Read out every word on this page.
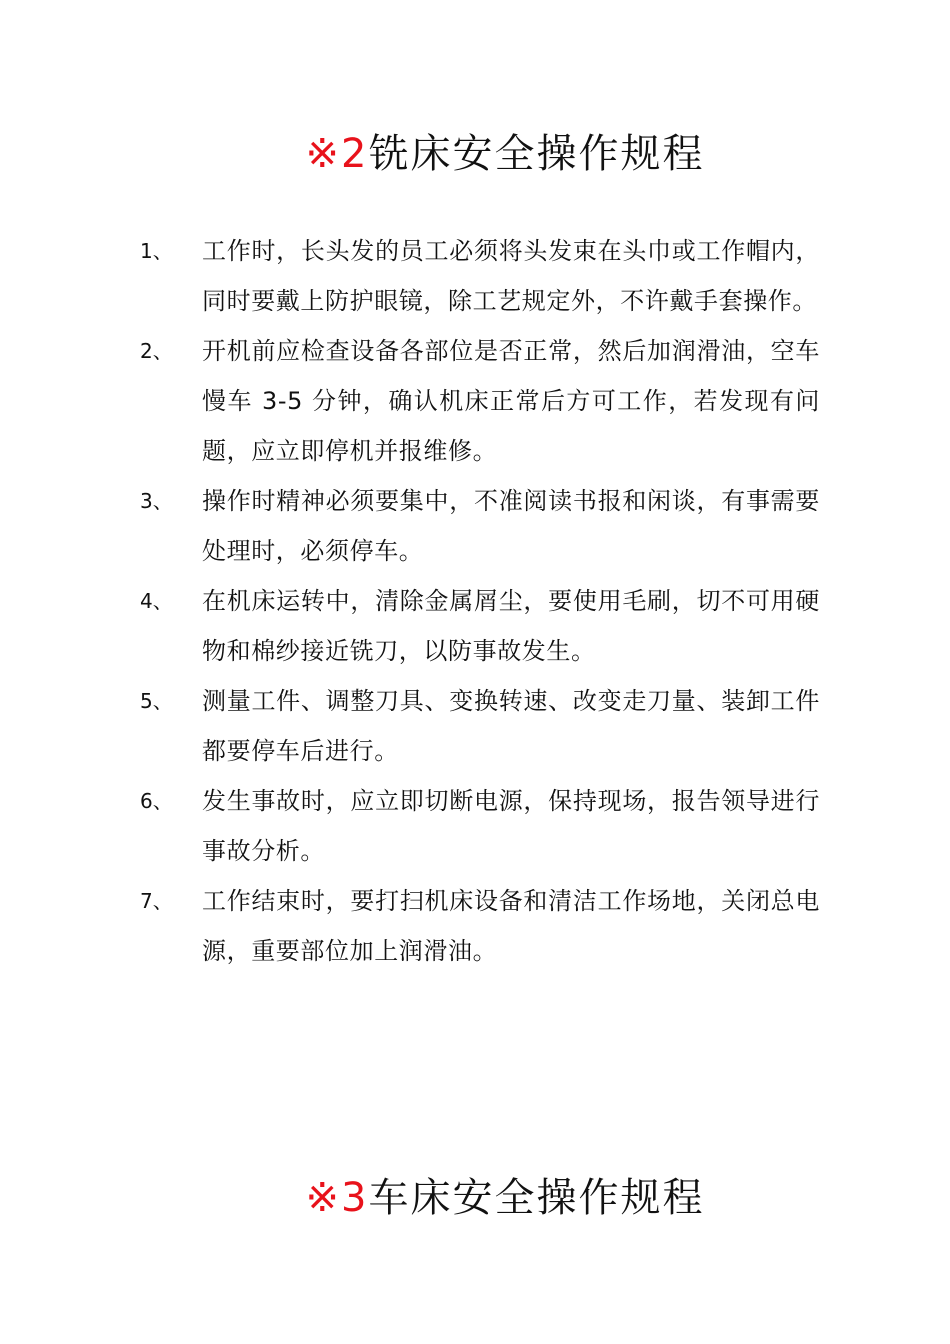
※2铣床安全操作规程
1、	工作时，长头发的员工必须将头发束在头巾或工作帽内，同时要戴上防护眼镜，除工艺规定外，不许戴手套操作。
2、	开机前应检查设备各部位是否正常，然后加润滑油，空车慢车 3-5 分钟，确认机床正常后方可工作，若发现有问题，应立即停机并报维修。
3、	操作时精神必须要集中，不准阅读书报和闲谈，有事需要处理时，必须停车。
4、	在机床运转中，清除金属屑尘，要使用毛刷，切不可用硬物和棉纱接近铣刀，以防事故发生。
5、	测量工件、调整刀具、变换转速、改变走刀量、装卸工件都要停车后进行。
6、	发生事故时，应立即切断电源，保持现场，报告领导进行事故分析。
7、	工作结束时，要打扫机床设备和清洁工作场地，关闭总电源，重要部位加上润滑油。
※3车床安全操作规程
